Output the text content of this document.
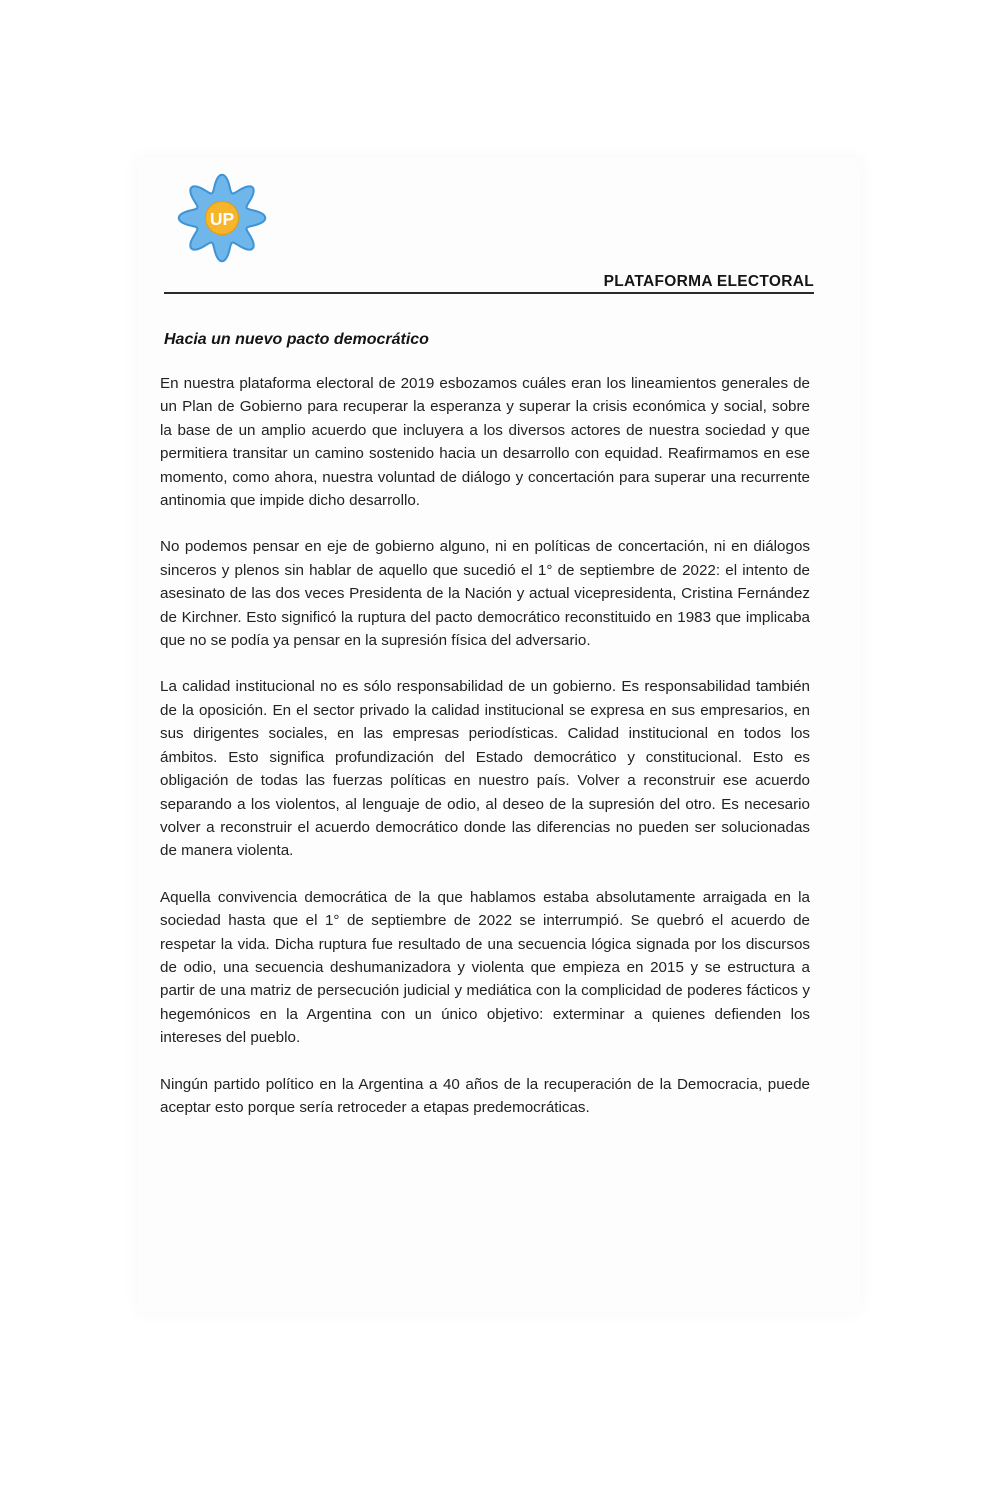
UP
PLATAFORMA ELECTORAL
Hacia un nuevo pacto democrático

En nuestra plataforma electoral de 2019 esbozamos cuáles eran los lineamientos generales de un Plan de Gobierno para recuperar la esperanza y superar la crisis económica y social, sobre la base de un amplio acuerdo que incluyera a los diversos actores de nuestra sociedad y que permitiera transitar un camino sostenido hacia un desarrollo con equidad. Reafirmamos en ese momento, como ahora, nuestra voluntad de diálogo y concertación para superar una recurrente antinomia que impide dicho desarrollo.

No podemos pensar en eje de gobierno alguno, ni en políticas de concertación, ni en diálogos sinceros y plenos sin hablar de aquello que sucedió el 1° de septiembre de 2022: el intento de asesinato de las dos veces Presidenta de la Nación y actual vicepresidenta, Cristina Fernández de Kirchner. Esto significó la ruptura del pacto democrático reconstituido en 1983 que implicaba que no se podía ya pensar en la supresión física del adversario.

La calidad institucional no es sólo responsabilidad de un gobierno. Es responsabilidad también de la oposición. En el sector privado la calidad institucional se expresa en sus empresarios, en sus dirigentes sociales, en las empresas periodísticas. Calidad institucional en todos los ámbitos. Esto significa profundización del Estado democrático y constitucional. Esto es obligación de todas las fuerzas políticas en nuestro país. Volver a reconstruir ese acuerdo separando a los violentos, al lenguaje de odio, al deseo de la supresión del otro. Es necesario volver a reconstruir el acuerdo democrático donde las diferencias no pueden ser solucionadas de manera violenta.

Aquella convivencia democrática de la que hablamos estaba absolutamente arraigada en la sociedad hasta que el 1° de septiembre de 2022 se interrumpió. Se quebró el acuerdo de respetar la vida. Dicha ruptura fue resultado de una secuencia lógica signada por los discursos de odio, una secuencia deshumanizadora y violenta que empieza en 2015 y se estructura a partir de una matriz de persecución judicial y mediática con la complicidad de poderes fácticos y hegemónicos en la Argentina con un único objetivo: exterminar a quienes defienden los intereses del pueblo.

Ningún partido político en la Argentina a 40 años de la recuperación de la Democracia, puede aceptar esto porque sería retroceder a etapas predemocráticas.
